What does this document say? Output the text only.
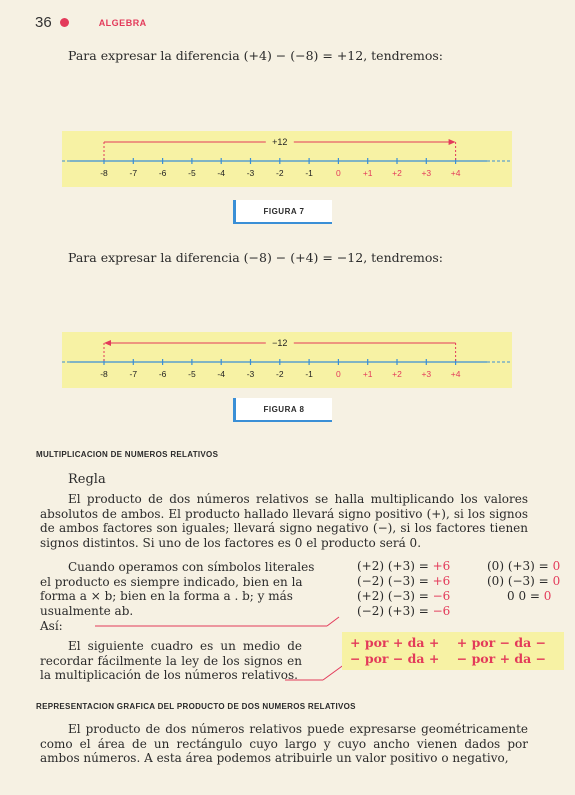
36	ALGEBRA
Para expresar la diferencia (+4) − (−8) = +12, tendremos:
-8	-7	-6	-5	-4	-3	-2	-1	0	+1 +2 +3 +4
+12
FIGURA 7
Para expresar la diferencia (−8) − (+4) = −12, tendremos:
-8	-7	-6	-5	-4	-3	-2	-1	0	+1 +2 +3 +4
−12
FIGURA 8
MULTIPLICACION DE NUMEROS RELATIVOS
Regla

El producto de dos números relativos se halla multiplicando los valores absolutos de ambos. El producto hallado llevará signo positivo (+), si los signos de ambos factores son iguales; llevará signo negativo (−), si los factores tienen signos distintos. Si uno de los factores es 0 el producto será 0.

Cuando operamos con símbolos literales el producto es siempre indicado, bien en la forma a × b; bien en la forma a . b; y más usualmente ab.

Así:
(+2) (+3) = +6
(−2) (−3) = +6
(+2) (−3) = −6
(−2) (+3) = −6
(0) (+3) = 0
(0) (−3) = 0
0 0 = 0

El siguiente cuadro es un medio de recordar fácilmente la ley de los signos en la multiplicación de los números relativos.

+ por + da +    + por − da −
− por − da +    − por + da −
REPRESENTACION GRAFICA DEL PRODUCTO DE DOS NUMEROS RELATIVOS

El producto de dos números relativos puede expresarse geométricamente como el área de un rectángulo cuyo largo y cuyo ancho vienen dados por ambos números. A esta área podemos atribuirle un valor positivo o negativo,
